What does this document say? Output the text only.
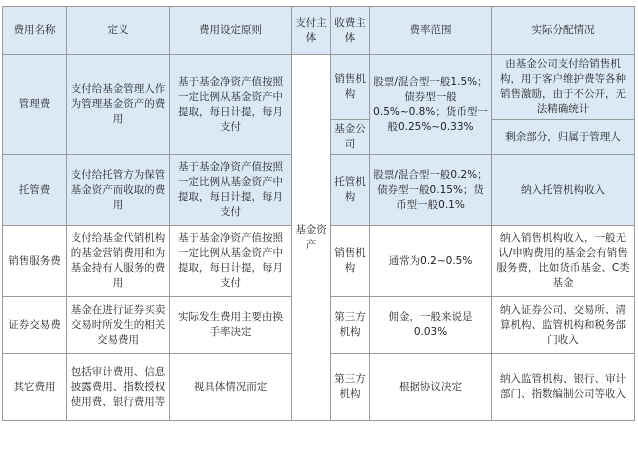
费用名称	定义	费用设定原则	支付主体	收费主体	费率范围	实际分配情况
管理费	支付给基金管理人作为管理基金资产的费用	基于基金净资产值按照一定比例从基金资产中提取，每日计提，每月支付	基金资产	销售机构	股票/混合型一般1.5%；债券型一般0.5%~0.8%；货币型一般0.25%~0.33%	由基金公司支付给销售机构，用于客户维护费等各种销售激励，由于不公开，无法精确统计
				基金公司		剩余部分，归属于管理人
托管费	支付给托管方为保管基金资产而收取的费用	基于基金净资产值按照一定比例从基金资产中提取，每日计提，每月支付		托管机构	股票/混合型一般0.2%；债券型一般0.15%；货币型一般0.1%	纳入托管机构收入
销售服务费	支付给基金代销机构的基金营销费用和为基金持有人服务的费用	基于基金净资产值按照一定比例从基金资产中提取，每日计提，每月支付		销售机构	通常为0.2~0.5%	纳入销售机构收入，一般无认/申购费用的基金会有销售服务费，比如货币基金、C类基金
证券交易费	基金在进行证券买卖交易时所发生的相关交易费用	实际发生费用主要由换手率决定		第三方机构	佣金，一般来说是0.03%	纳入证券公司、交易所、清算机构、监管机构和税务部门收入
其它费用	包括审计费用、信息披露费用、指数授权使用费、银行费用等	视具体情况而定		第三方机构	根据协议决定	纳入监管机构、银行、审计部门、指数编制公司等收入
